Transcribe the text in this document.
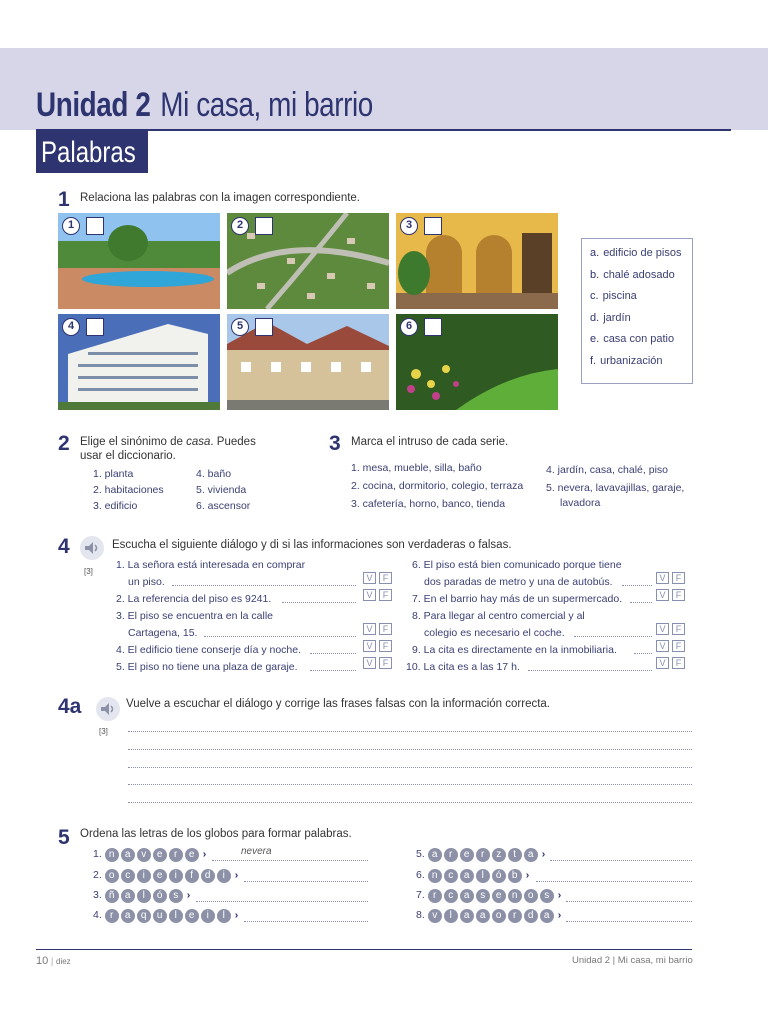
Unidad 2 Mi casa, mi barrio
Palabras
1 Relaciona las palabras con la imagen correspondiente.
1	2	3
4	5	6
a. edificio de pisos
b. chalé adosado
c. piscina
d. jardín
e. casa con patio
f. urbanización
2 Elige el sinónimo de casa. Puedes
usar el diccionario.
1. planta
2. habitaciones
3. edificio
4. baño
5. vivienda
6. ascensor
3 Marca el intruso de cada serie.
1. mesa, mueble, silla, baño
2. cocina, dormitorio, colegio, terraza
3. cafetería, horno, banco, tienda
4. jardín, casa, chalé, piso
5. nevera, lavavajillas, garaje,
lavadora
4
[3]
Escucha el siguiente diálogo y di si las informaciones son verdaderas o falsas.
1. La señora está interesada en comprar
un piso.	V F
2. La referencia del piso es 9241.	V F
3. El piso se encuentra en la calle
Cartagena, 15.	V F
4. El edificio tiene conserje día y noche.	V F
5. El piso no tiene una plaza de garaje.	V F
6. El piso está bien comunicado porque tiene
dos paradas de metro y una de autobús.	V F
7. En el barrio hay más de un supermercado.	V F
8. Para llegar al centro comercial y al
colegio es necesario el coche.	V F
9. La cita es directamente en la inmobiliaria.	V F
10. La cita es a las 17 h.	V F
4a
[3]
Vuelve a escuchar el diálogo y corrige las frases falsas con la información correcta.
5 Ordena las letras de los globos para formar palabras.
1. n a v e r e ›	nevera
2. o c i e i f d i ›
3. ñ a l ó s ›
4. r a q u l e i l ›
5. a r e r z t a ›
6. n c a l ó b ›
7. r c a s e n o s ›
8. v l a a o r d a ›
10 | diez	Unidad 2 | Mi casa, mi barrio
